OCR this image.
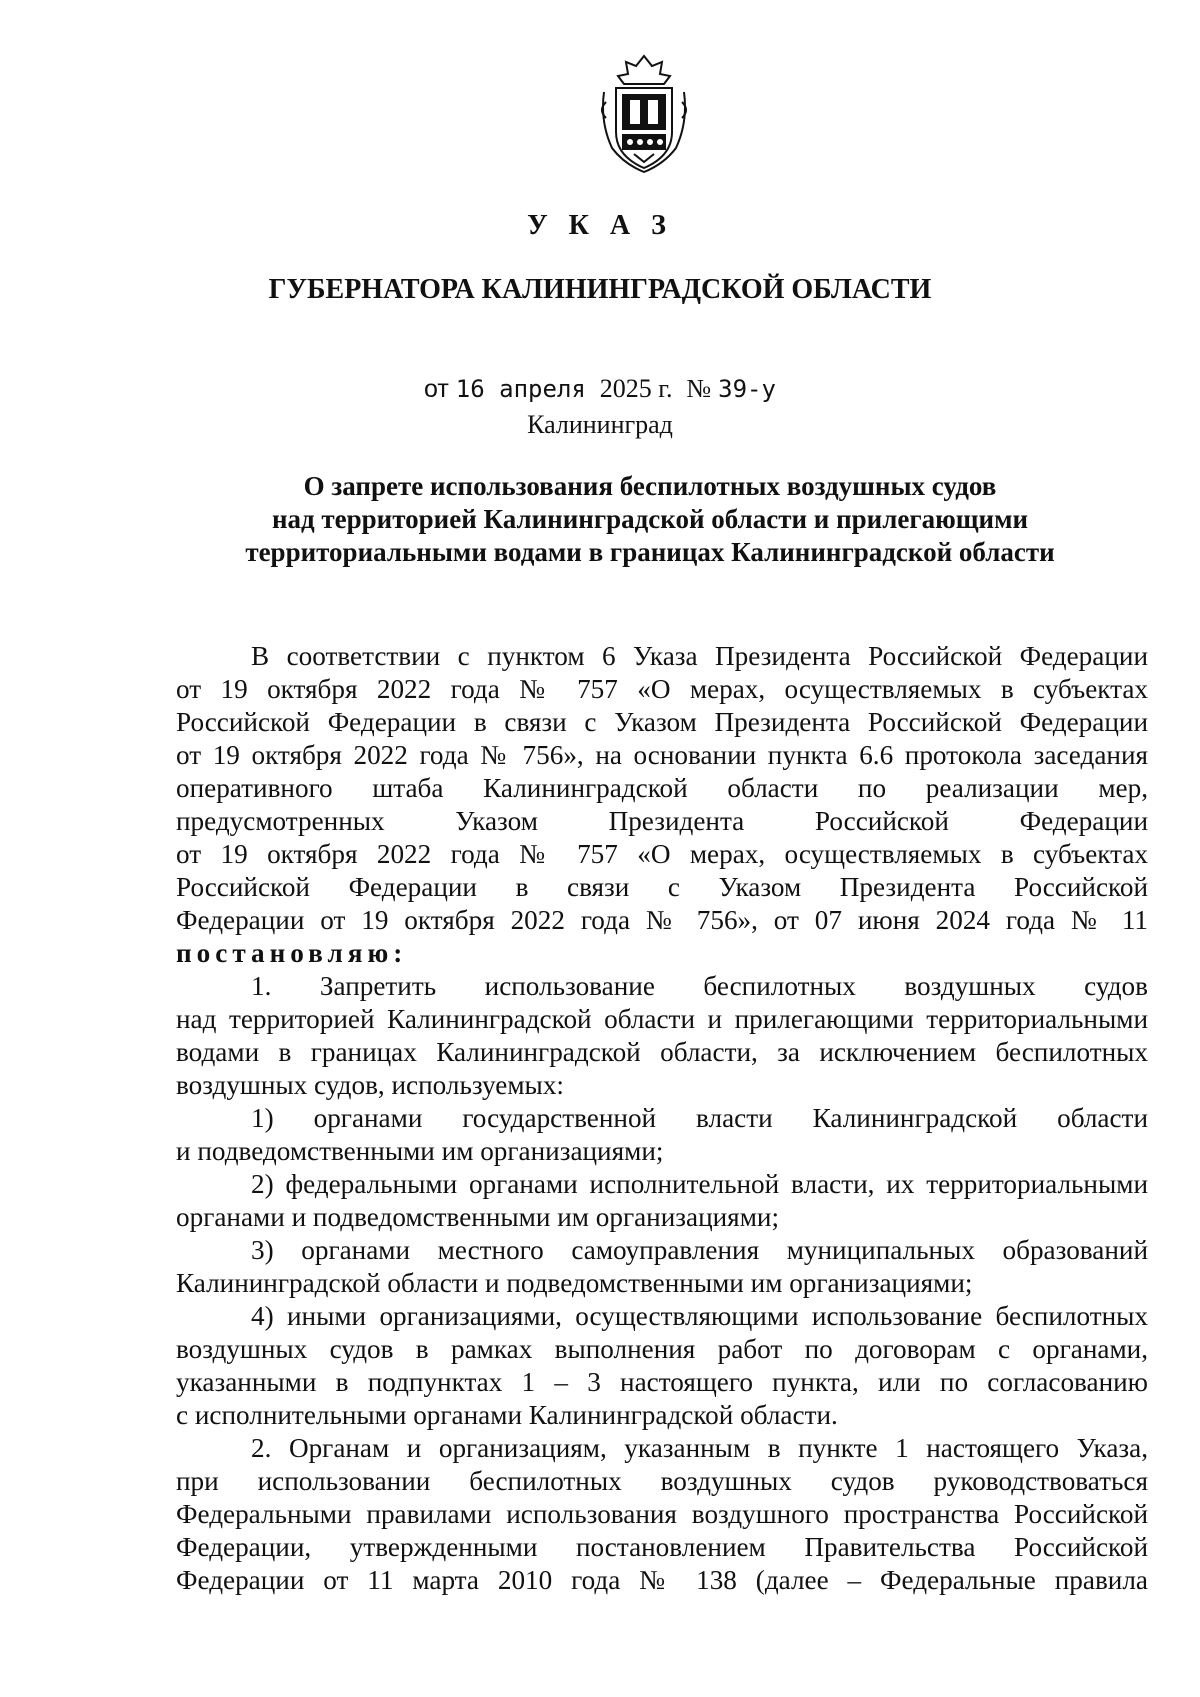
У К А З
ГУБЕРНАТОРА КАЛИНИНГРАДСКОЙ ОБЛАСТИ
от 16 апреля 2025 г. № 39-у
Калининград
О запрете использования беспилотных воздушных судов
над территорией Калининградской области и прилегающими
территориальными водами в границах Калининградской области
В соответствии с пунктом 6 Указа Президента Российской Федерации
от 19 октября 2022 года № 757 «О мерах, осуществляемых в субъектах
Российской Федерации в связи с Указом Президента Российской Федерации
от 19 октября 2022 года № 756», на основании пункта 6.6 протокола заседания
оперативного штаба Калининградской области по реализации мер,
предусмотренных Указом Президента Российской Федерации
от 19 октября 2022 года № 757 «О мерах, осуществляемых в субъектах
Российской Федерации в связи с Указом Президента Российской
Федерации от 19 октября 2022 года № 756», от 07 июня 2024 года № 11
постановляю:
1. Запретить использование беспилотных воздушных судов
над территорией Калининградской области и прилегающими территориальными
водами в границах Калининградской области, за исключением беспилотных
воздушных судов, используемых:
1) органами государственной власти Калининградской области
и подведомственными им организациями;
2) федеральными органами исполнительной власти, их территориальными
органами и подведомственными им организациями;
3) органами местного самоуправления муниципальных образований
Калининградской области и подведомственными им организациями;
4) иными организациями, осуществляющими использование беспилотных
воздушных судов в рамках выполнения работ по договорам с органами,
указанными в подпунктах 1 – 3 настоящего пункта, или по согласованию
с исполнительными органами Калининградской области.
2. Органам и организациям, указанным в пункте 1 настоящего Указа,
при использовании беспилотных воздушных судов руководствоваться
Федеральными правилами использования воздушного пространства Российской
Федерации, утвержденными постановлением Правительства Российской
Федерации от 11 марта 2010 года № 138 (далее – Федеральные правила
